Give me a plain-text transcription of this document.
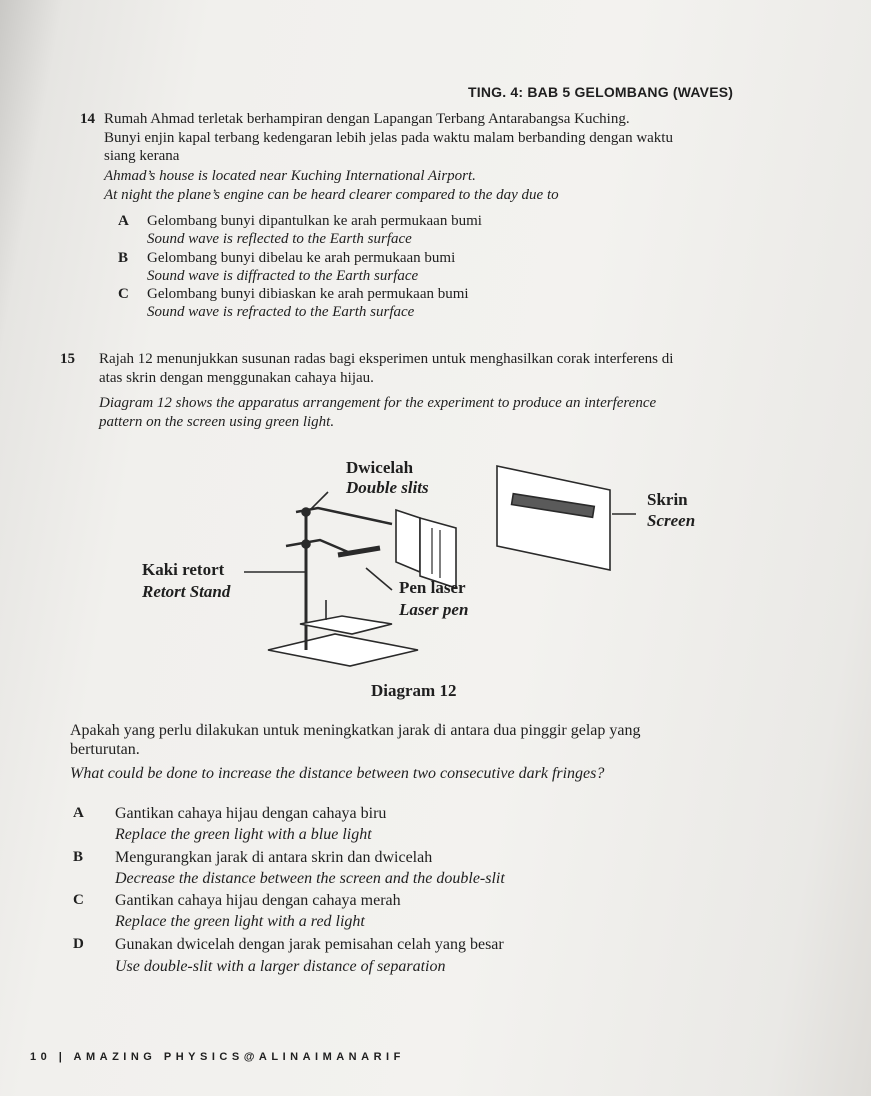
TING. 4: BAB 5 GELOMBANG (WAVES)
14 Rumah Ahmad terletak berhampiran dengan Lapangan Terbang Antarabangsa Kuching.
Bunyi enjin kapal terbang kedengaran lebih jelas pada waktu malam berbanding dengan waktu
siang kerana
Ahmad’s house is located near Kuching International Airport.
At night the plane’s engine can be heard clearer compared to the day due to
A Gelombang bunyi dipantulkan ke arah permukaan bumi
Sound wave is reflected to the Earth surface
B Gelombang bunyi dibelau ke arah permukaan bumi
Sound wave is diffracted to the Earth surface
C Gelombang bunyi dibiaskan ke arah permukaan bumi
Sound wave is refracted to the Earth surface
15 Rajah 12 menunjukkan susunan radas bagi eksperimen untuk menghasilkan corak interferens di
atas skrin dengan menggunakan cahaya hijau.
Diagram 12 shows the apparatus arrangement for the experiment to produce an interference
pattern on the screen using green light.
Dwicelah
Double slits
Skrin
Screen
Kaki retort
Retort Stand	Pen laser
Laser pen
Diagram 12
Apakah yang perlu dilakukan untuk meningkatkan jarak di antara dua pinggir gelap yang
berturutan.
What could be done to increase the distance between two consecutive dark fringes?
A Gantikan cahaya hijau dengan cahaya biru
Replace the green light with a blue light
B Mengurangkan jarak di antara skrin dan dwicelah
Decrease the distance between the screen and the double-slit
C Gantikan cahaya hijau dengan cahaya merah
Replace the green light with a red light
D Gunakan dwicelah dengan jarak pemisahan celah yang besar
Use double-slit with a larger distance of separation
10 | AMAZING PHYSICS@ALINAIMANARIF
